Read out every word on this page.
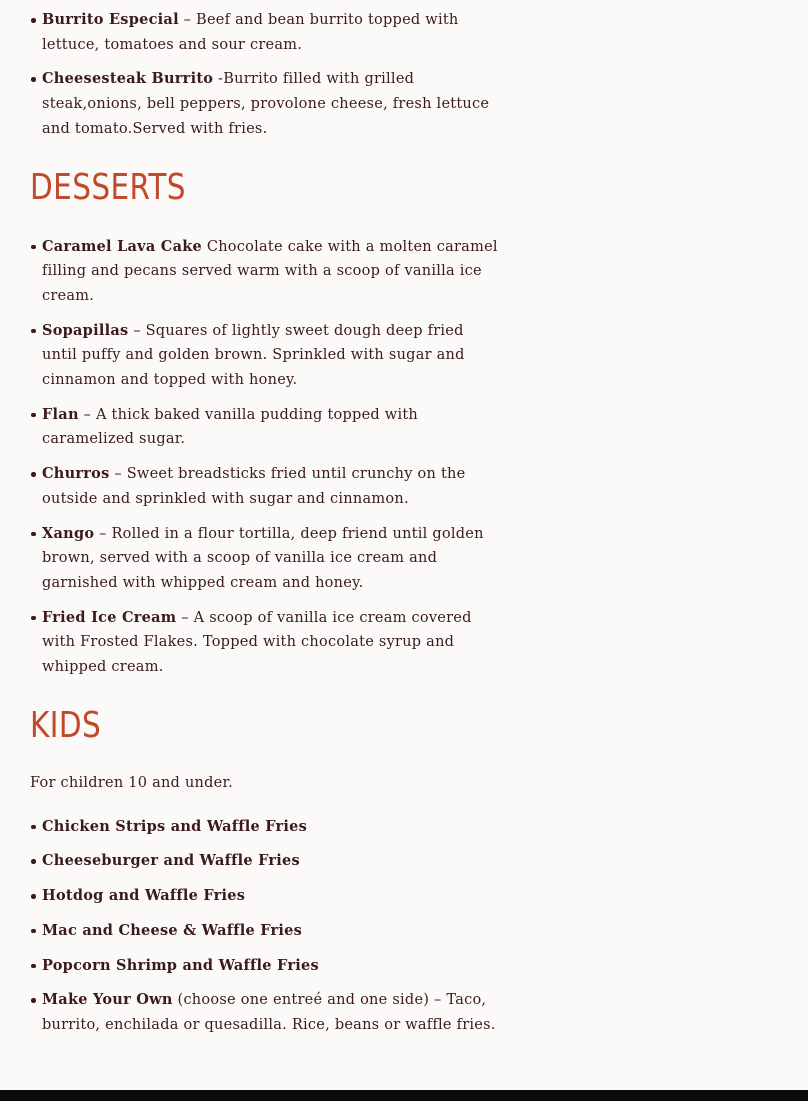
Burrito Especial – Beef and bean burrito topped with lettuce, tomatoes and sour cream.
Cheesesteak Burrito -Burrito filled with grilled steak,onions, bell peppers, provolone cheese, fresh lettuce and tomato.Served with fries.
DESSERTS
Caramel Lava Cake Chocolate cake with a molten caramel filling and pecans served warm with a scoop of vanilla ice cream.
Sopapillas – Squares of lightly sweet dough deep fried until puffy and golden brown. Sprinkled with sugar and cinnamon and topped with honey.
Flan – A thick baked vanilla pudding topped with caramelized sugar.
Churros – Sweet breadsticks fried until crunchy on the outside and sprinkled with sugar and cinnamon.
Xango – Rolled in a flour tortilla, deep friend until golden brown, served with a scoop of vanilla ice cream and garnished with whipped cream and honey.
Fried Ice Cream – A scoop of vanilla ice cream covered with Frosted Flakes. Topped with chocolate syrup and whipped cream.
KIDS

For children 10 and under.

Chicken Strips and Waffle Fries
Cheeseburger and Waffle Fries
Hotdog and Waffle Fries
Mac and Cheese & Waffle Fries
Popcorn Shrimp and Waffle Fries
Make Your Own (choose one entreé and one side) – Taco, burrito, enchilada or quesadilla. Rice, beans or waffle fries.
